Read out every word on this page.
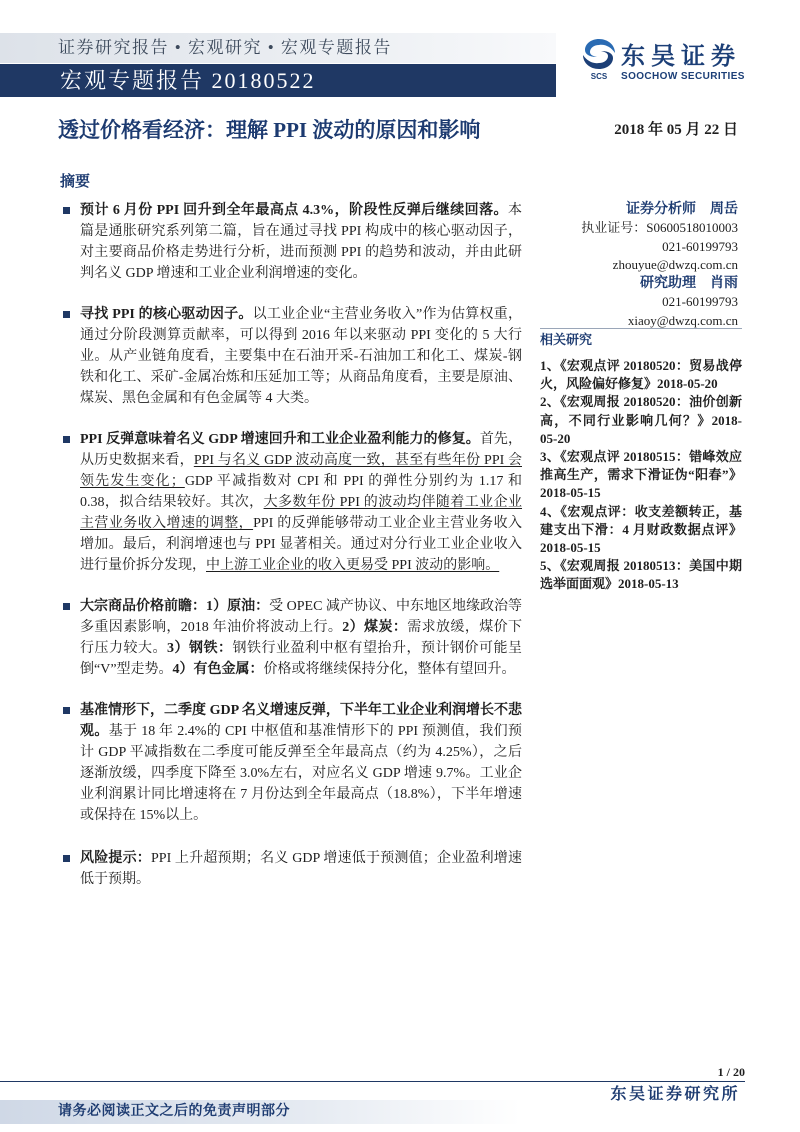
证券研究报告 • 宏观研究 • 宏观专题报告
宏观专题报告 20180522	SCS
东吴证券
SOOCHOW SECURITIES
透过价格看经济：理解 PPI 波动的原因和影响	2018 年 05 月 22 日
摘要
预计 6 月份 PPI 回升到全年最高点 4.3%，阶段性反弹后继续回落。本篇是通胀研究系列第二篇，旨在通过寻找 PPI 构成中的核心驱动因子，对主要商品价格走势进行分析，进而预测 PPI 的趋势和波动，并由此研判名义 GDP 增速和工业企业利润增速的变化。
寻找 PPI 的核心驱动因子。以工业企业“主营业务收入”作为估算权重，通过分阶段测算贡献率，可以得到 2016 年以来驱动 PPI 变化的 5 大行业。从产业链角度看，主要集中在石油开采-石油加工和化工、煤炭-钢铁和化工、采矿-金属冶炼和压延加工等；从商品角度看，主要是原油、煤炭、黑色金属和有色金属等 4 大类。
PPI 反弹意味着名义 GDP 增速回升和工业企业盈利能力的修复。首先，从历史数据来看，PPI 与名义 GDP 波动高度一致，甚至有些年份 PPI 会领先发生变化；GDP 平减指数对 CPI 和 PPI 的弹性分别约为 1.17 和 0.38，拟合结果较好。其次，大多数年份 PPI 的波动均伴随着工业企业主营业务收入增速的调整，PPI 的反弹能够带动工业企业主营业务收入增加。最后，利润增速也与 PPI 显著相关。通过对分行业工业企业收入进行量价拆分发现，中上游工业企业的收入更易受 PPI 波动的影响。
大宗商品价格前瞻：1）原油：受 OPEC 减产协议、中东地区地缘政治等多重因素影响，2018 年油价将波动上行。2）煤炭：需求放缓，煤价下行压力较大。3）钢铁：钢铁行业盈利中枢有望抬升，预计钢价可能呈倒“V”型走势。4）有色金属：价格或将继续保持分化，整体有望回升。
基准情形下，二季度 GDP 名义增速反弹，下半年工业企业利润增长不悲观。基于 18 年 2.4%的 CPI 中枢值和基准情形下的 PPI 预测值，我们预计 GDP 平减指数在二季度可能反弹至全年最高点（约为 4.25%），之后逐渐放缓，四季度下降至 3.0%左右，对应名义 GDP 增速 9.7%。工业企业利润累计同比增速将在 7 月份达到全年最高点（18.8%），下半年增速或保持在 15%以上。
风险提示：PPI 上升超预期；名义 GDP 增速低于预测值；企业盈利增速低于预期。
证券分析师 周岳
执业证号：S0600518010003
021-60199793
zhouyue@dwzq.com.cn
研究助理 肖雨
021-60199793
xiaoy@dwzq.com.cn
相关研究
1、《宏观点评 20180520：贸易战停火，风险偏好修复》2018-05-20
2、《宏观周报 20180520：油价创新高，不同行业影响几何？》2018-05-20
3、《宏观点评 20180515：错峰效应推高生产，需求下滑证伪“阳春”》2018-05-15
4、《宏观点评：收支差额转正，基建支出下滑：4 月财政数据点评》2018-05-15
5、《宏观周报 20180513：美国中期选举面面观》2018-05-13
1 / 20
东吴证券研究所
请务必阅读正文之后的免责声明部分
